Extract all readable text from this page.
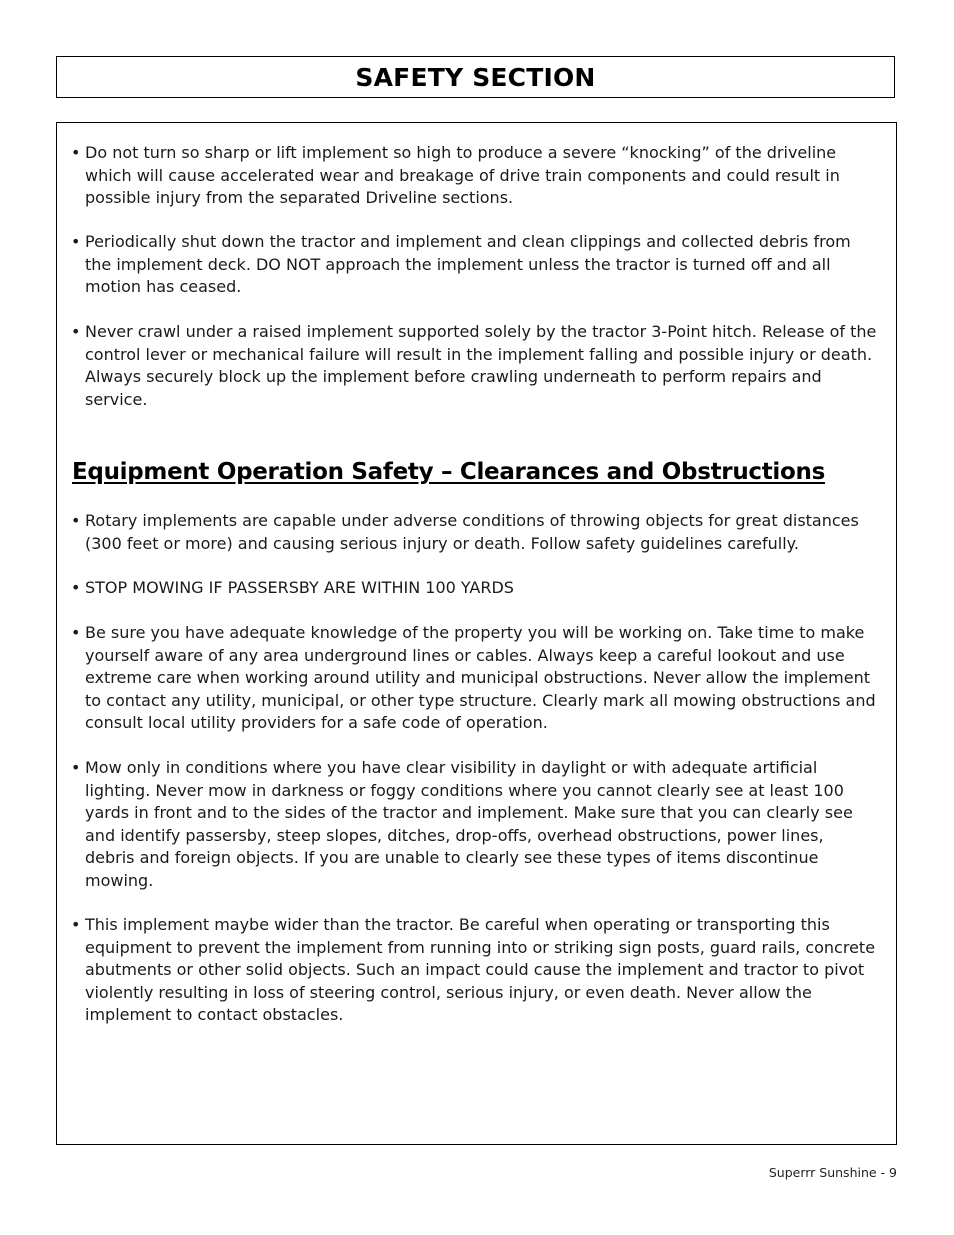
SAFETY SECTION
• Do not turn so sharp or lift implement so high to produce a severe “knocking” of the driveline which will cause accelerated wear and breakage of drive train components and could result in possible injury from the separated Driveline sections.
• Periodically shut down the tractor and implement and clean clippings and collected debris from the implement deck. DO NOT approach the implement unless the tractor is turned off and all motion has ceased.
• Never crawl under a raised implement supported solely by the tractor 3-Point hitch. Release of the control lever or mechanical failure will result in the implement falling and possible injury or death. Always securely block up the implement before crawling underneath to perform repairs and service.
Equipment Operation Safety – Clearances and Obstructions
• Rotary implements are capable under adverse conditions of throwing objects for great distances (300 feet or more) and causing serious injury or death. Follow safety guidelines carefully.
• STOP MOWING IF PASSERSBY ARE WITHIN 100 YARDS
• Be sure you have adequate knowledge of the property you will be working on. Take time to make yourself aware of any area underground lines or cables. Always keep a careful lookout and use extreme care when working around utility and municipal obstructions. Never allow the implement to contact any utility, municipal, or other type structure. Clearly mark all mowing obstructions and consult local utility providers for a safe code of operation.
• Mow only in conditions where you have clear visibility in daylight or with adequate artificial lighting. Never mow in darkness or foggy conditions where you cannot clearly see at least 100 yards in front and to the sides of the tractor and implement. Make sure that you can clearly see and identify passersby, steep slopes, ditches, drop-offs, overhead obstructions, power lines, debris and foreign objects. If you are unable to clearly see these types of items discontinue mowing.
• This implement maybe wider than the tractor. Be careful when operating or transporting this equipment to prevent the implement from running into or striking sign posts, guard rails, concrete abutments or other solid objects. Such an impact could cause the implement and tractor to pivot violently resulting in loss of steering control, serious injury, or even death. Never allow the implement to contact obstacles.
Superrr Sunshine - 9
